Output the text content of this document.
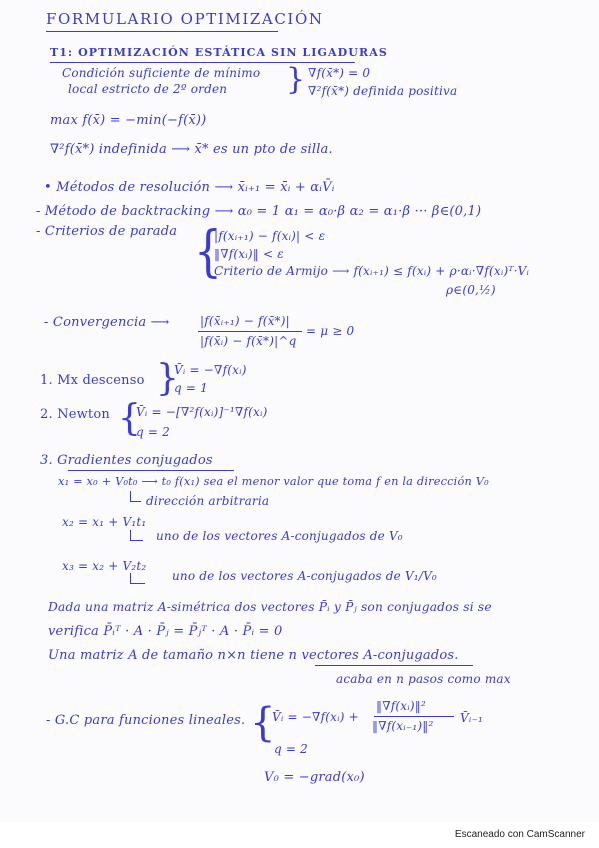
FORMULARIO OPTIMIZACIÓN
T1: OPTIMIZACIÓN ESTÁTICA SIN LIGADURAS
Condición suficiente de mínimo
local estricto de 2º orden } ∇f(x̄*) = 0
∇²f(x̄*) definida positiva
max f(x̄) = −min(−f(x̄))
∇²f(x̄*) indefinida ⟶ x̄* es un pto de silla.
• Métodos de resolución ⟶ x̄ᵢ₊₁ = x̄ᵢ + αᵢV̄ᵢ
- Método de backtracking ⟶ α₀ = 1 α₁ = α₀·β α₂ = α₁·β ··· β∈(0,1)
- Criterios de parada {
|f(xᵢ₊₁) − f(xᵢ)| < ε
‖∇f(xᵢ)‖ < ε
Criterio de Armijo ⟶ f(xᵢ₊₁) ≤ f(xᵢ) + ρ·αᵢ·∇f(xᵢ)ᵀ·Vᵢ
ρ∈(0,½)
- Convergencia ⟶	|f(x̄ᵢ₊₁) − f(x̄*)|
|f(x̄ᵢ) − f(x̄*)|^q
= μ ≥ 0
1. Mx descenso }
V̄ᵢ = −∇f(xᵢ)
q = 1
2. Newton {
V̄ᵢ = −[∇²f(xᵢ)]⁻¹∇f(xᵢ)
q = 2
3. Gradientes conjugados
x₁ = x₀ + V₀t₀ ⟶ t₀ f(x₁) sea el menor valor que toma f en la dirección V₀
dirección arbitraria
x₂ = x₁ + V₁t₁
uno de los vectores A-conjugados de V₀
x₃ = x₂ + V₂t₂
uno de los vectores A-conjugados de V₁/V₀
Dada una matriz A-simétrica dos vectores P̄ᵢ y P̄ⱼ son conjugados si se
verifica P̄ᵢᵀ · A · P̄ⱼ = P̄ⱼᵀ · A · P̄ᵢ = 0
Una matriz A de tamaño n×n tiene n vectores A-conjugados.
acaba en n pasos como max
- G.C para funciones lineales. {
V̄ᵢ = −∇f(xᵢ) +
‖∇f(xᵢ)‖²
‖∇f(xᵢ₋₁)‖²
V̄ᵢ₋₁
q = 2
V₀ = −grad(x₀)
Escaneado con CamScanner
